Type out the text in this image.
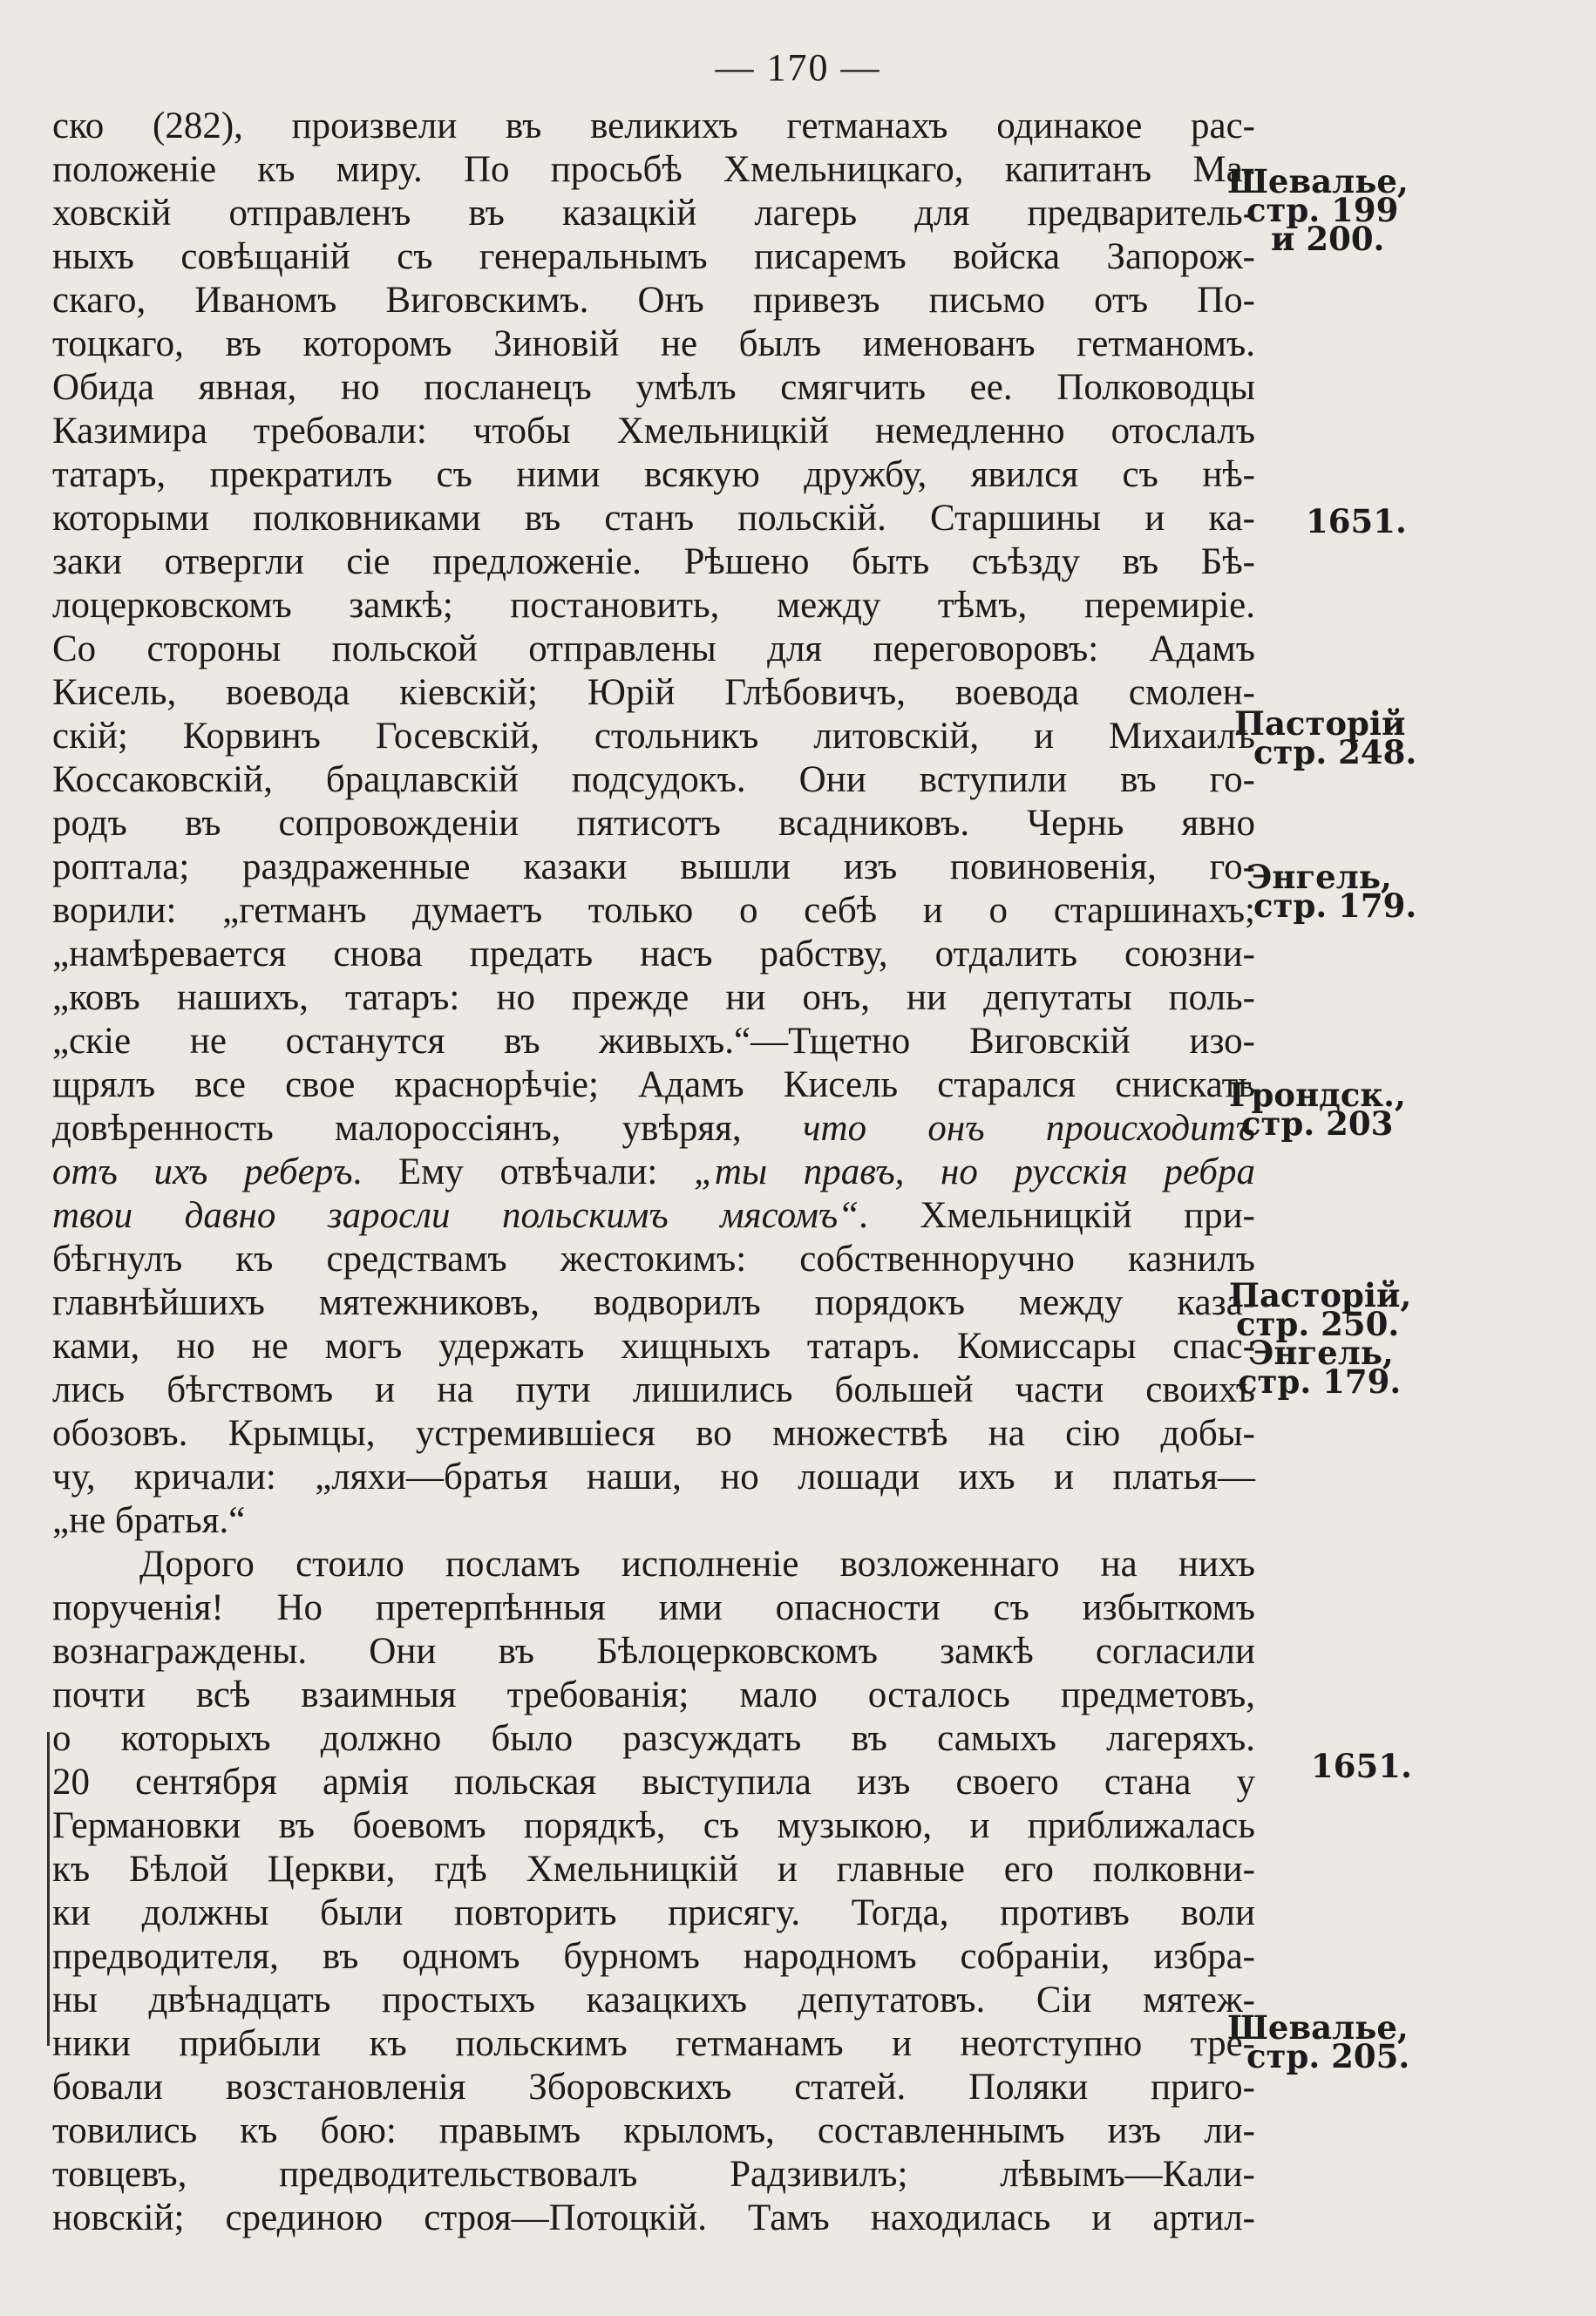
— 170 —
ско (282), произвели въ великихъ гетманахъ одинакое рас-
положеніе къ миру. По просьбѣ Хмельницкаго, капитанъ Ма-
ховскій отправленъ въ казацкій лагерь для предваритель-
ныхъ совѣщаній съ генеральнымъ писаремъ войска Запорож-
скаго, Иваномъ Виговскимъ. Онъ привезъ письмо отъ По-
тоцкаго, въ которомъ Зиновій не былъ именованъ гетманомъ.
Обида явная, но посланецъ умѣлъ смягчить ее. Полководцы
Казимира требовали: чтобы Хмельницкій немедленно отослалъ
татаръ, прекратилъ съ ними всякую дружбу, явился съ нѣ-
которыми полковниками въ станъ польскій. Старшины и ка-
заки отвергли сіе предложеніе. Рѣшено быть съѣзду въ Бѣ-
лоцерковскомъ замкѣ; постановить, между тѣмъ, перемиріе.
Со стороны польской отправлены для переговоровъ: Адамъ
Кисель, воевода кіевскій; Юрій Глѣбовичъ, воевода смолен-
скій; Корвинъ Госевскій, стольникъ литовскій, и Михаилъ
Коссаковскій, брацлавскій подсудокъ. Они вступили въ го-
родъ въ сопровожденіи пятисотъ всадниковъ. Чернь явно
роптала; раздраженные казаки вышли изъ повиновенія, го-
ворили: „гетманъ думаетъ только о себѣ и о старшинахъ;
„намѣревается снова предать насъ рабству, отдалить союзни-
„ковъ нашихъ, татаръ: но прежде ни онъ, ни депутаты поль-
„скіе не останутся въ живыхъ.“—Тщетно Виговскій изо-
щрялъ все свое краснорѣчіе; Адамъ Кисель старался снискать
довѣренность малороссіянъ, увѣряя, что онъ происходитъ
отъ ихъ реберъ. Ему отвѣчали: „ты правъ, но русскія ребра
твои давно заросли польскимъ мясомъ“. Хмельницкій при-
бѣгнулъ къ средствамъ жестокимъ: собственноручно казнилъ
главнѣйшихъ мятежниковъ, водворилъ порядокъ между каза-
ками, но не могъ удержать хищныхъ татаръ. Комиссары спас-
лись бѣгствомъ и на пути лишились большей части своихъ
обозовъ. Крымцы, устремившіеся во множествѣ на сію добы-
чу, кричали: „ляхи—братья наши, но лошади ихъ и платья—
„не братья.“
Дорого стоило посламъ исполненіе возложеннаго на нихъ
порученія! Но претерпѣнныя ими опасности съ избыткомъ
вознаграждены. Они въ Бѣлоцерковскомъ замкѣ согласили
почти всѣ взаимныя требованія; мало осталось предметовъ,
о которыхъ должно было разсуждать въ самыхъ лагеряхъ.
20 сентября армія польская выступила изъ своего стана у
Германовки въ боевомъ порядкѣ, съ музыкою, и приближалась
къ Бѣлой Церкви, гдѣ Хмельницкій и главные его полковни-
ки должны были повторить присягу. Тогда, противъ воли
предводителя, въ одномъ бурномъ народномъ собраніи, избра-
ны двѣнадцать простыхъ казацкихъ депутатовъ. Сіи мятеж-
ники прибыли къ польскимъ гетманамъ и неотступно тре-
бовали возстановленія Зборовскихъ статей. Поляки приго-
товились къ бою: правымъ крыломъ, составленнымъ изъ ли-
товцевъ, предводительствовалъ Радзивилъ; лѣвымъ—Кали-
новскій; срединою строя—Потоцкій. Тамъ находилась и артил-
Шевалье,
стр. 199
и 200.
1651.
Пасторій
стр. 248.
Энгель,
стр. 179.
Грондск.,
стр. 203
Пасторій,
стр. 250.
Энгель,
стр. 179.
1651.
Шевалье,
стр. 205.
